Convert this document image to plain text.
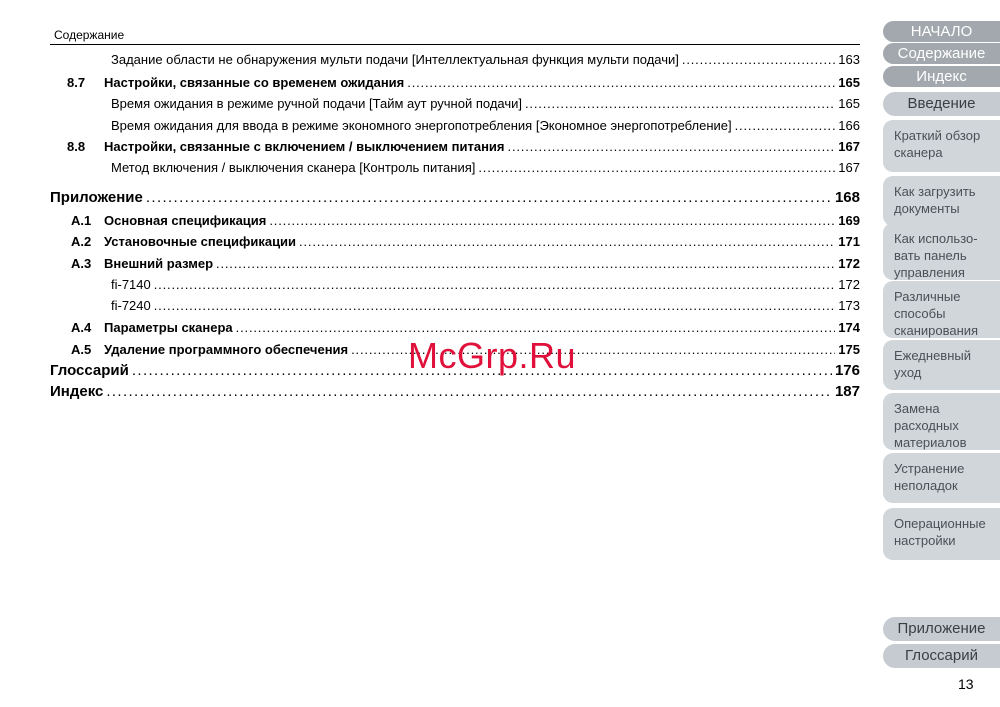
Содержание
Задание области не обнаружения мульти подачи [Интеллектуальная функция мульти подачи] . . .	163
8.7	Настройки, связанные со временем ожидания . . .	165
Время ожидания в режиме ручной подачи [Тайм аут ручной подачи] . . .	165
Время ожидания для ввода в режиме экономного энергопотребления [Экономное энергопотребление] . . .	166
8.8	Настройки, связанные с включением / выключением питания . . .	167
Метод включения / выключения сканера [Контроль питания] . . .	167
Приложение . . .	168
A.1 Основная спецификация . . .	169
A.2 Установочные спецификации . . .	171
A.3 Внешний размер . . .	172
fi-7140 . . .	172
fi-7240 . . .	173
A.4 Параметры сканера . . .	174
A.5 Удаление программного обеспечения . . .	175
Глоссарий . . .	176
Индекс . . .	187
McGrp.Ru
НАЧАЛО
Содержание
Индекс
Введение
Краткий обзор
сканера
Как загрузить
документы
Как использо-
вать панель
управления
Различные
способы
сканирования
Ежедневный
уход
Замена
расходных
материалов
Устранение
неполадок
Операционные
настройки
Приложение
Глоссарий
13
